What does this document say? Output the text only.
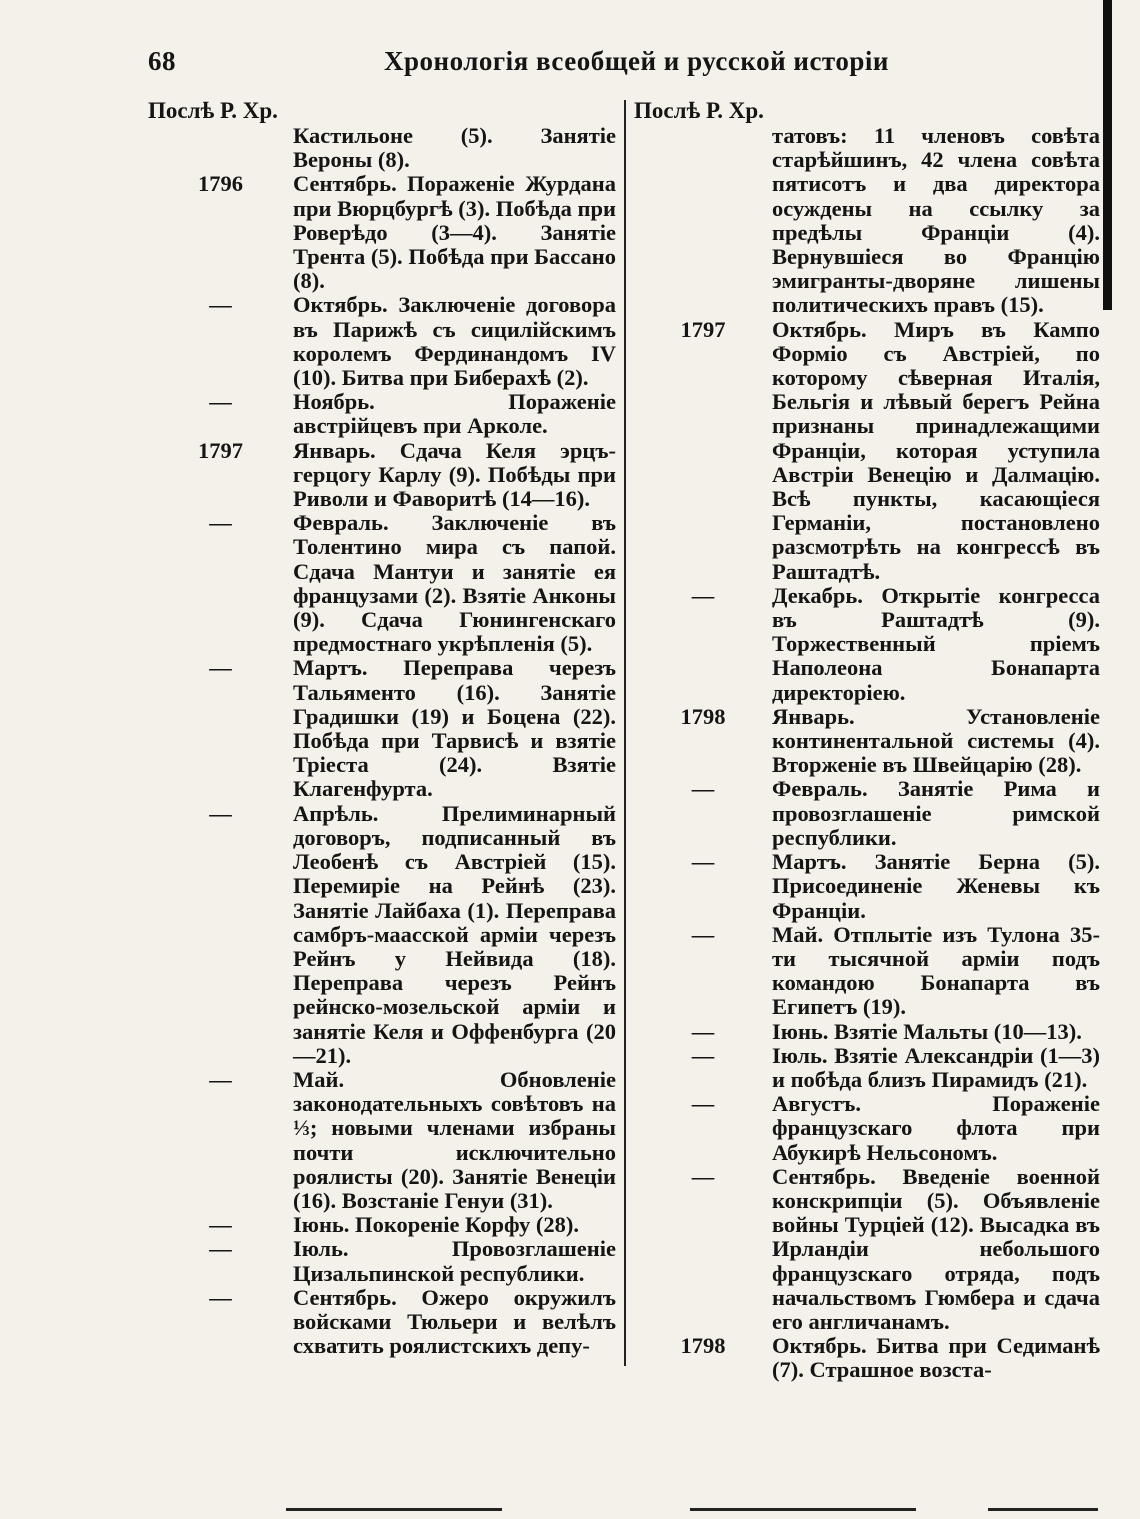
68	Хронологія всеобщей и русской исторіи
Послѣ Р. Хр.
Кастильоне (5). Занятіе Вероны (8).
1796	Сентябрь. Пораженіе Журдана при Вюрцбургѣ (3). Побѣда при Роверѣдо (3—4). Занятіе Трента (5). Побѣда при Бассано (8).
—	Октябрь. Заключеніе договора въ Парижѣ съ сицилійскимъ королемъ Фердинандомъ IV (10). Битва при Биберахѣ (2).
—	Ноябрь. Пораженіе австрійцевъ при Арколе.
1797	Январь. Сдача Келя эрцъ-герцогу Карлу (9). Побѣды при Риволи и Фаворитѣ (14—16).
—	Февраль. Заключеніе въ Толентино мира съ папой. Сдача Мантуи и занятіе ея французами (2). Взятіе Анконы (9). Сдача Гюнингенскаго предмостнаго укрѣпленія (5).
—	Мартъ. Переправа черезъ Тальяменто (16). Занятіе Градишки (19) и Боцена (22). Побѣда при Тарвисѣ и взятіе Тріеста (24). Взятіе Клагенфурта.
—	Апрѣль. Прелиминарный договоръ, подписанный въ Леобенѣ съ Австріей (15). Перемиріе на Рейнѣ (23). Занятіе Лайбаха (1). Переправа самбръ-маасской арміи черезъ Рейнъ у Нейвида (18). Переправа черезъ Рейнъ рейнско-мозельской арміи и занятіе Келя и Оффенбурга (20—21).
—	Май. Обновленіе законодательныхъ совѣтовъ на ⅓; новыми членами избраны почти исключительно роялисты (20). Занятіе Венеціи (16). Возстаніе Генуи (31).
—	Іюнь. Покореніе Корфу (28).
—	Іюль. Провозглашеніе Цизальпинской республики.
—	Сентябрь. Ожеро окружилъ войсками Тюльери и велѣлъ схватить роялистскихъ депу-
Послѣ Р. Хр.
татовъ: 11 членовъ совѣта старѣйшинъ, 42 члена совѣта пятисотъ и два директора осуждены на ссылку за предѣлы Франціи (4). Вернувшіеся во Францію эмигранты-дворяне лишены политическихъ правъ (15).
1797	Октябрь. Миръ въ Кампо Форміо съ Австріей, по которому сѣверная Италія, Бельгія и лѣвый берегъ Рейна признаны принадлежащими Франціи, которая уступила Австріи Венецію и Далмацію. Всѣ пункты, касающіеся Германіи, постановлено разсмотрѣть на конгрессѣ въ Раштадтѣ.
—	Декабрь. Открытіе конгресса въ Раштадтѣ (9). Торжественный пріемъ Наполеона Бонапарта директоріею.
1798	Январь. Установленіе континентальной системы (4). Вторженіе въ Швейцарію (28).
—	Февраль. Занятіе Рима и провозглашеніе римской республики.
—	Мартъ. Занятіе Берна (5). Присоединеніе Женевы къ Франціи.
—	Май. Отплытіе изъ Тулона 35-ти тысячной арміи подъ командою Бонапарта въ Египетъ (19).
—	Іюнь. Взятіе Мальты (10—13).
—	Іюль. Взятіе Александріи (1—3) и побѣда близъ Пирамидъ (21).
—	Августъ. Пораженіе французскаго флота при Абукирѣ Нельсономъ.
—	Сентябрь. Введеніе военной конскрипціи (5). Объявленіе войны Турціей (12). Высадка въ Ирландіи небольшого французскаго отряда, подъ начальствомъ Гюмбера и сдача его англичанамъ.
1798	Октябрь. Битва при Седиманѣ (7). Страшное возста-
